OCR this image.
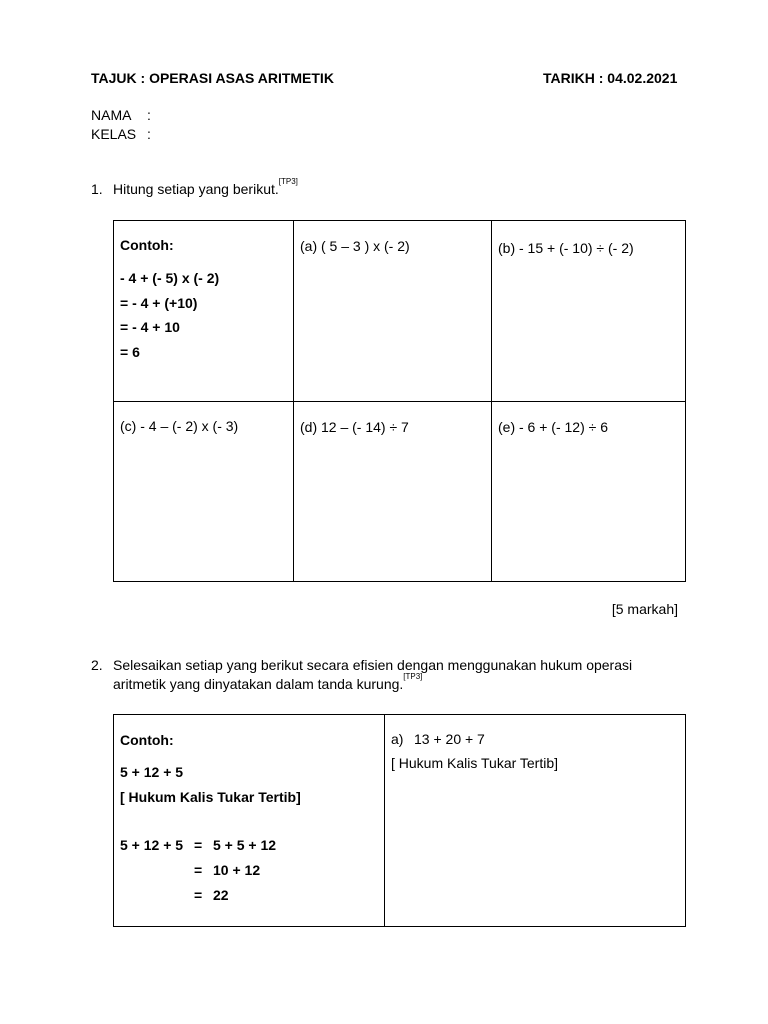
TAJUK : OPERASI ASAS ARITMETIK	TARIKH : 04.02.2021
NAMA :
KELAS :
1. Hitung setiap yang berikut.[TP3]
Contoh:
- 4 + (- 5) x (- 2)
= - 4 + (+10)
= - 4 + 10
= 6	(a) ( 5 – 3 ) x (- 2)	(b) - 15 + (- 10) ÷ (- 2)

(c) - 4 – (- 2) x (- 3)	(d) 12 – (- 14) ÷ 7	(e) - 6 + (- 12) ÷ 6
[5 markah]
2. Selesaikan setiap yang berikut secara efisien dengan menggunakan hukum operasi
aritmetik yang dinyatakan dalam tanda kurung.[TP3]
Contoh:
5 + 12 + 5
[ Hukum Kalis Tukar Tertib]
5 + 12 + 5 = 5 + 5 + 12
= 10 + 12
= 22

a) 13 + 20 + 7
[ Hukum Kalis Tukar Tertib]
